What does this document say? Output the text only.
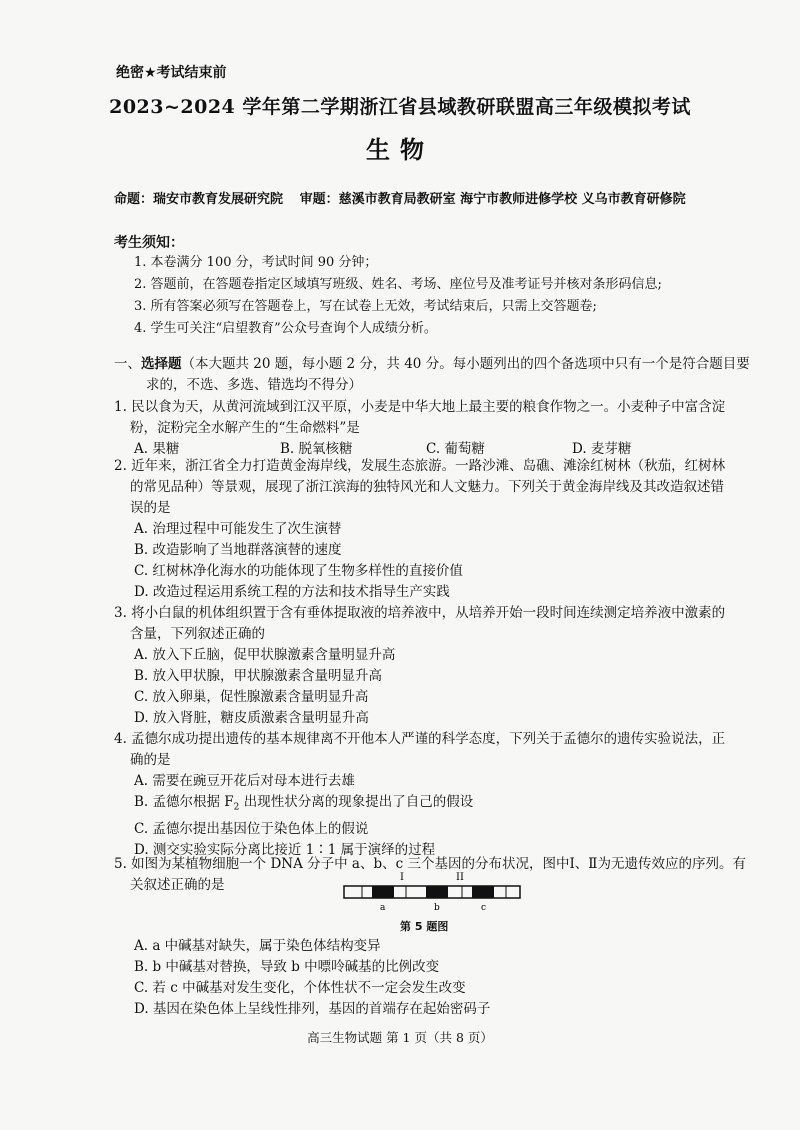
绝密★考试结束前
2023~2024 学年第二学期浙江省县域教研联盟高三年级模拟考试
生物
命题：瑞安市教育发展研究院 审题：慈溪市教育局教研室 海宁市教师进修学校 义乌市教育研修院
考生须知：
1. 本卷满分 100 分，考试时间 90 分钟；
2. 答题前，在答题卷指定区域填写班级、姓名、考场、座位号及准考证号并核对条形码信息;
3. 所有答案必须写在答题卷上，写在试卷上无效，考试结束后，只需上交答题卷;
4. 学生可关注“启望教育”公众号查询个人成绩分析。
一、选择题（本大题共 20 题，每小题 2 分，共 40 分。每小题列出的四个备选项中只有一个是符合题目要
求的，不选、多选、错选均不得分）
1. 民以食为天，从黄河流域到江汉平原，小麦是中华大地上最主要的粮食作物之一。小麦种子中富含淀
粉，淀粉完全水解产生的“生命燃料”是
A. 果糖	B. 脱氧核糖	C. 葡萄糖	D. 麦芽糖
2. 近年来，浙江省全力打造黄金海岸线，发展生态旅游。一路沙滩、岛礁、滩涂红树林（秋茄，红树林
的常见品种）等景观，展现了浙江滨海的独特风光和人文魅力。下列关于黄金海岸线及其改造叙述错
误的是
A. 治理过程中可能发生了次生演替
B. 改造影响了当地群落演替的速度
C. 红树林净化海水的功能体现了生物多样性的直接价值
D. 改造过程运用系统工程的方法和技术指导生产实践
3. 将小白鼠的机体组织置于含有垂体提取液的培养液中，从培养开始一段时间连续测定培养液中激素的
含量，下列叙述正确的
A. 放入下丘脑，促甲状腺激素含量明显升高
B. 放入甲状腺，甲状腺激素含量明显升高
C. 放入卵巢，促性腺激素含量明显升高
D. 放入肾脏，糖皮质激素含量明显升高
4. 孟德尔成功提出遗传的基本规律离不开他本人严谨的科学态度，下列关于孟德尔的遗传实验说法，正
确的是
A. 需要在豌豆开花后对母本进行去雄
B. 孟德尔根据 $F_2$ 出现性状分离的现象提出了自己的假设
C. 孟德尔提出基因位于染色体上的假说
D. 测交实验实际分离比接近 1∶1 属于演绎的过程
5. 如图为某植物细胞一个 DNA 分子中 a、b、c 三个基因的分布状况，图中Ⅰ、Ⅱ为无遗传效应的序列。有
关叙述正确的是	I	II
a	b	c
第 5 题图
A. a 中碱基对缺失，属于染色体结构变异
B. b 中碱基对替换，导致 b 中嘌呤碱基的比例改变
C. 若 c 中碱基对发生变化，个体性状不一定会发生改变
D. 基因在染色体上呈线性排列，基因的首端存在起始密码子
高三生物试题 第 1 页（共 8 页）
